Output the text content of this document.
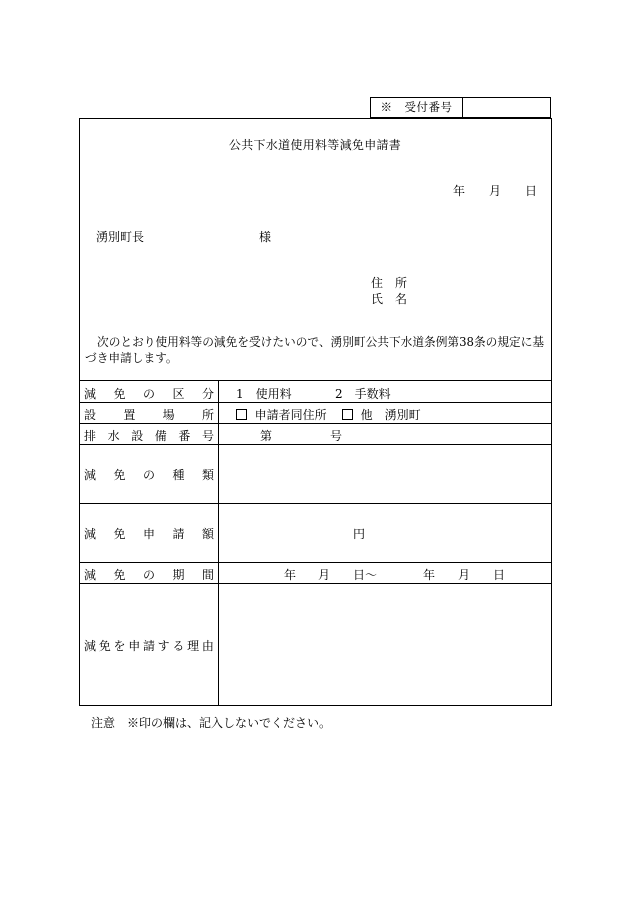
※　受付番号
公共下水道使用料等減免申請書
年 月 日
湧別町長	様
住　所
氏　名
次のとおり使用料等の減免を受けたいので、湧別町公共下水道条例第38条の規定に基
づき申請します。
減 免 の 区 分 1　使用料	2　手数料
設 置 場 所	申請者同住所	他　湧別町
排 水 設 備 番 号	第	号
減 免 の 種 類
減 免 申 請 額	円
減 免 の 期 間	年 月 日〜	年 月 日
減 免 を 申 請 す る 理 由
注意　※印の欄は、記入しないでください。
